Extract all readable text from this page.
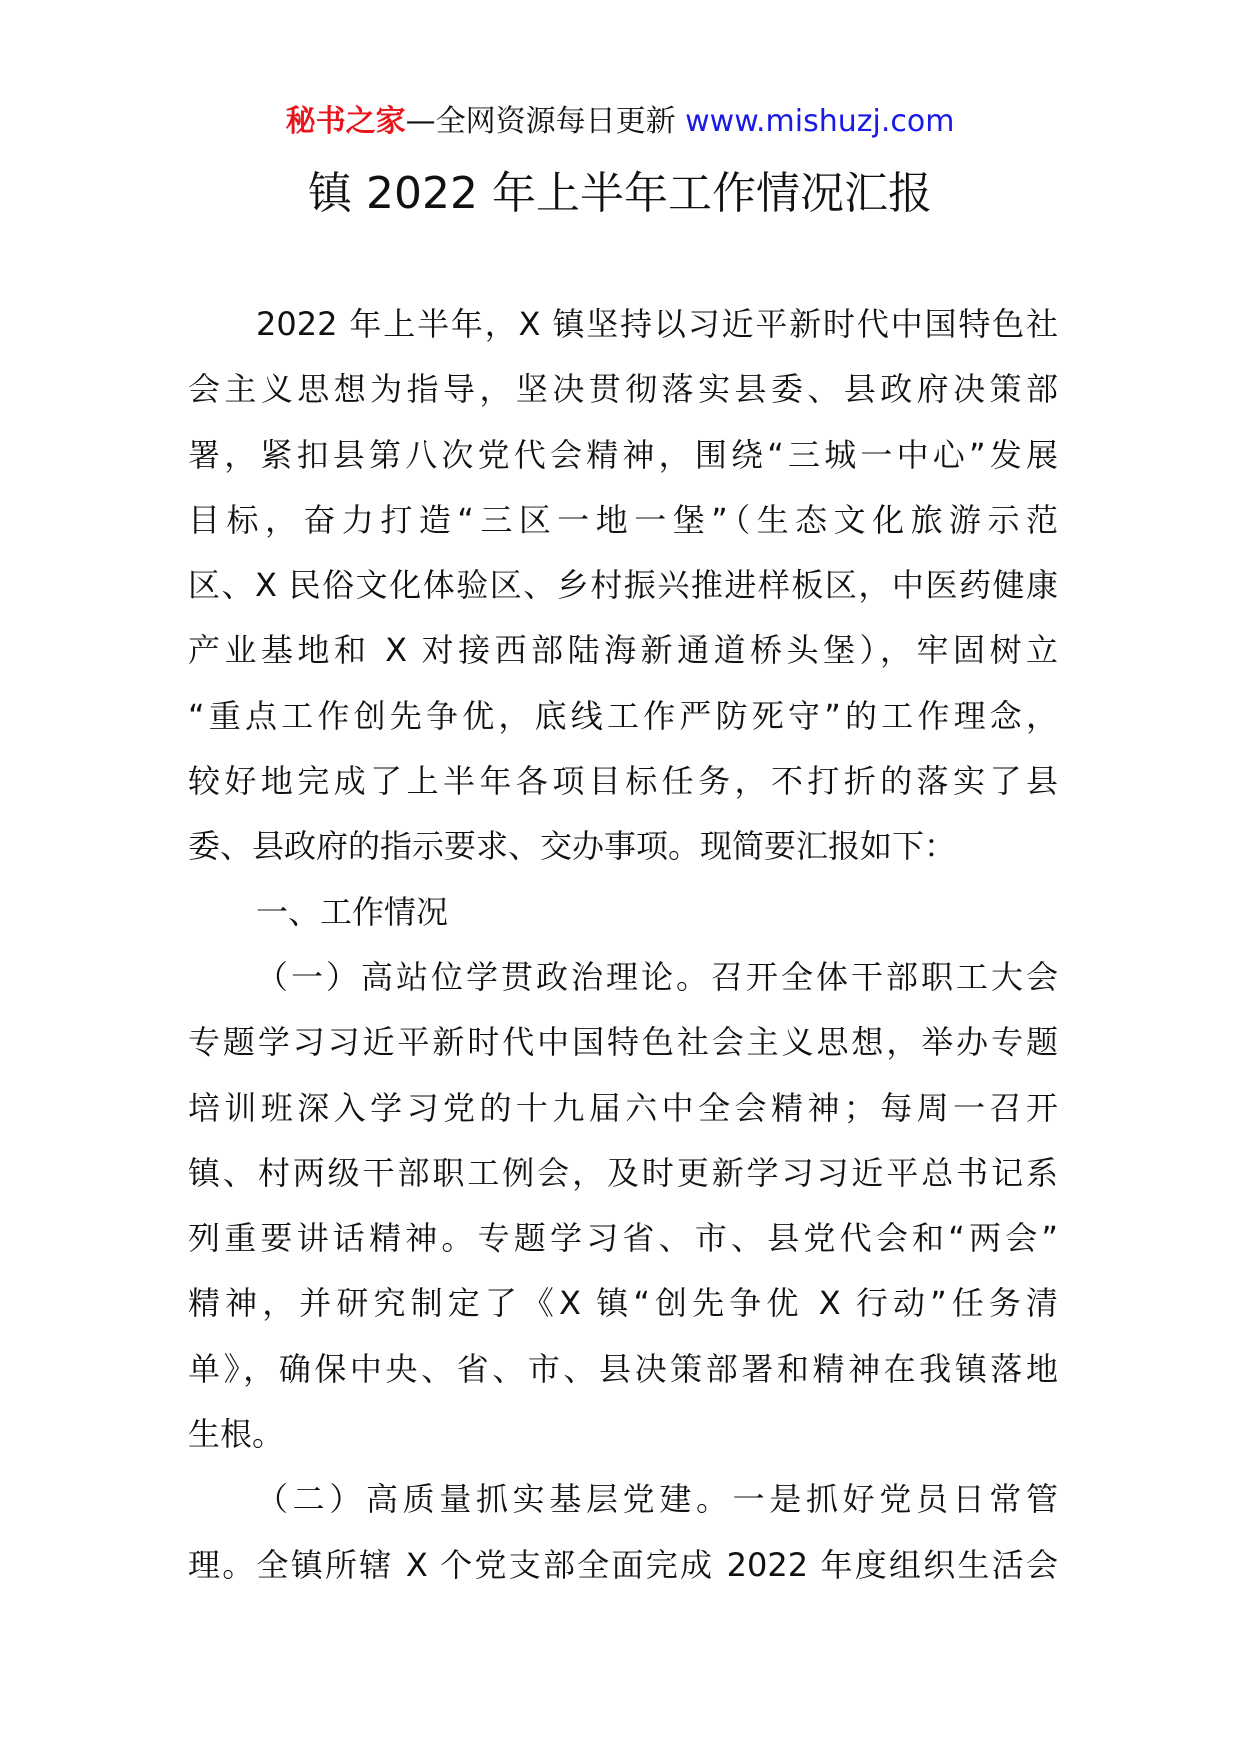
秘书之家—全网资源每日更新 www.mishuzj.com
镇 2022 年上半年工作情况汇报
2022 年上半年，X 镇坚持以习近平新时代中国特色社
会主义思想为指导，坚决贯彻落实县委、县政府决策部
署，紧扣县第八次党代会精神，围绕“三城一中心”发展
目标，奋力打造“三区一地一堡”（生态文化旅游示范
区、X 民俗文化体验区、乡村振兴推进样板区，中医药健康
产业基地和 X 对接西部陆海新通道桥头堡），牢固树立
“重点工作创先争优，底线工作严防死守”的工作理念，
较好地完成了上半年各项目标任务，不打折的落实了县
委、县政府的指示要求、交办事项。现简要汇报如下：
一、工作情况
（一）高站位学贯政治理论。召开全体干部职工大会
专题学习习近平新时代中国特色社会主义思想，举办专题
培训班深入学习党的十九届六中全会精神；每周一召开
镇、村两级干部职工例会，及时更新学习习近平总书记系
列重要讲话精神。专题学习省、市、县党代会和“两会”
精神，并研究制定了《X 镇“创先争优 X 行动”任务清
单》，确保中央、省、市、县决策部署和精神在我镇落地
生根。
（二）高质量抓实基层党建。一是抓好党员日常管
理。全镇所辖 X 个党支部全面完成 2022 年度组织生活会
